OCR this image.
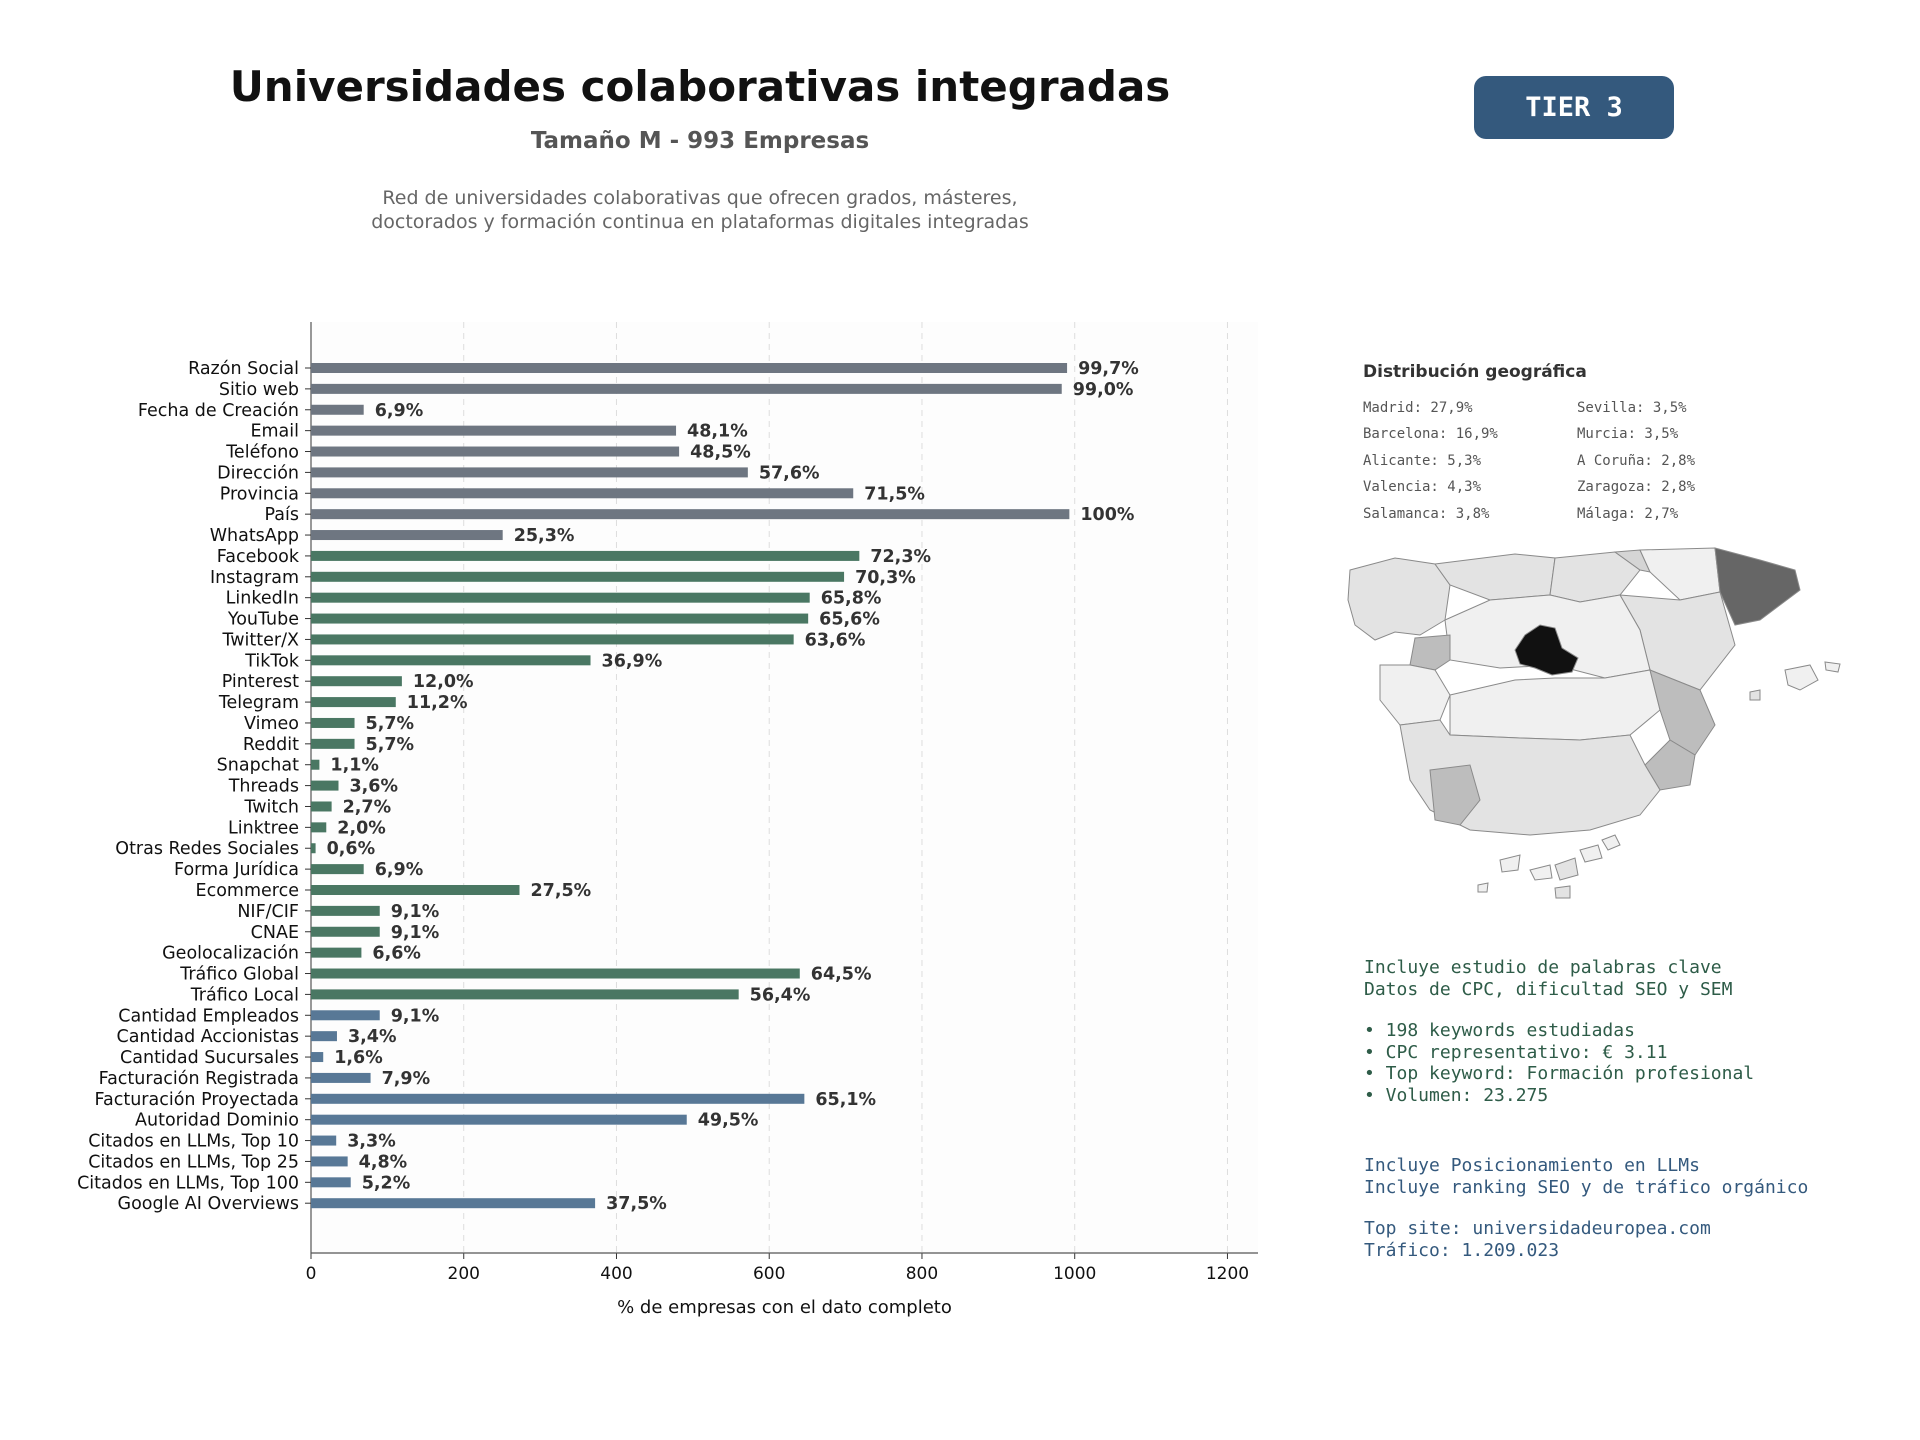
Universidades colaborativas integradas
Tamaño M - 993 Empresas
Red de universidades colaborativas que ofrecen grados, másteres,
doctorados y formación continua en plataformas digitales integradas
TIER 3
0	200	400	600	800	1000	1200
Razón Social	99,7%
Sitio web	99,0%
Fecha de Creación	6,9%
Email	48,1%
Teléfono	48,5%
Dirección	57,6%
Provincia	71,5%
País	100%
WhatsApp	25,3%
Facebook	72,3%
Instagram	70,3%
LinkedIn	65,8%
YouTube	65,6%
Twitter/X	63,6%
TikTok	36,9%
Pinterest	12,0%
Telegram	11,2%
Vimeo	5,7%
Reddit	5,7%
Snapchat 1,1%
Threads	3,6%
Twitch 2,7%
Linktree 2,0%
Otras Redes Sociales 0,6%
Forma Jurídica	6,9%
Ecommerce	27,5%
NIF/CIF	9,1%
CNAE	9,1%
Geolocalización	6,6%
Tráfico Global	64,5%
Tráfico Local	56,4%
Cantidad Empleados	9,1%
Cantidad Accionistas	3,4%
Cantidad Sucursales 1,6%
Facturación Registrada	7,9%
Facturación Proyectada	65,1%
Autoridad Dominio	49,5%
Citados en LLMs, Top 10	3,3%
Citados en LLMs, Top 25	4,8%
Citados en LLMs, Top 100	5,2%
Google AI Overviews	37,5%
% de empresas con el dato completo
Distribución geográfica
Madrid: 27,9%	Sevilla: 3,5%
Barcelona: 16,9%	Murcia: 3,5%
Alicante: 5,3%	A Coruña: 2,8%
Valencia: 4,3%	Zaragoza: 2,8%
Salamanca: 3,8%	Málaga: 2,7%
Incluye estudio de palabras clave
Datos de CPC, dificultad SEO y SEM
• 198 keywords estudiadas
• CPC representativo: € 3.11
• Top keyword: Formación profesional
• Volumen: 23.275
Incluye Posicionamiento en LLMs
Incluye ranking SEO y de tráfico orgánico
Top site: universidadeuropea.com
Tráfico: 1.209.023
